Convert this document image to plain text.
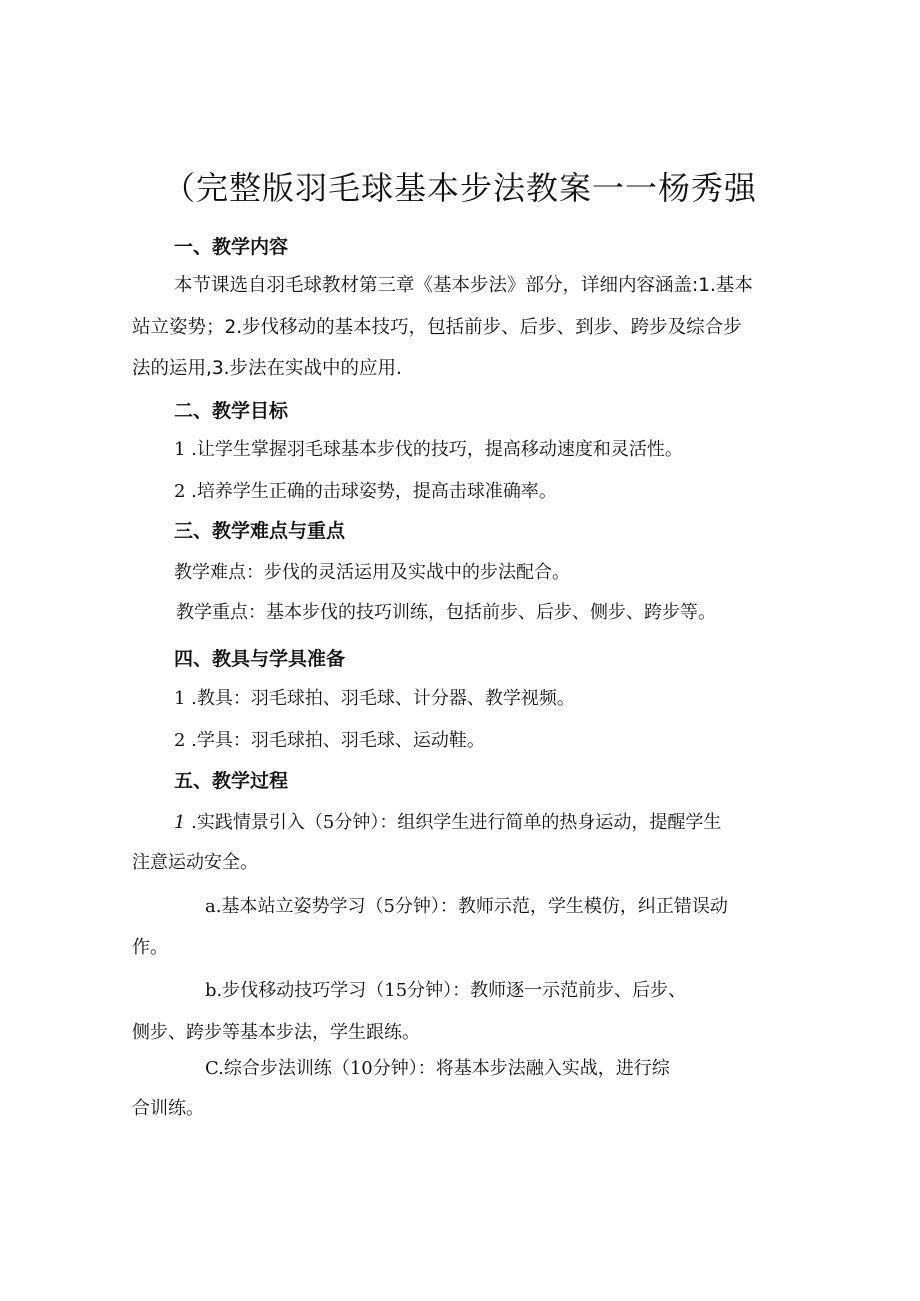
（完整版羽毛球基本步法教案一一杨秀强
一、教学内容
本节课选自羽毛球教材第三章《基本步法》部分，详细内容涵盖:1.基本
站立姿势；2.步伐移动的基本技巧，包括前步、后步、到步、跨步及综合步
法的运用,3.步法在实战中的应用.
二、教学目标
1 .让学生掌握羽毛球基本步伐的技巧，提高移动速度和灵活性。
2 .培养学生正确的击球姿势，提高击球准确率。
三、教学难点与重点
教学难点：步伐的灵活运用及实战中的步法配合。
教学重点：基本步伐的技巧训练，包括前步、后步、侧步、跨步等。
四、教具与学具准备
1 .教具：羽毛球拍、羽毛球、计分器、教学视频。
2 .学具：羽毛球拍、羽毛球、运动鞋。
五、教学过程
1 .实践情景引入（5分钟）：组织学生进行简单的热身运动，提醒学生
注意运动安全。
a.基本站立姿势学习（5分钟）：教师示范，学生模仿，纠正错误动
作。
b.步伐移动技巧学习（15分钟）：教师逐一示范前步、后步、
侧步、跨步等基本步法，学生跟练。
C.综合步法训练（10分钟）：将基本步法融入实战，进行综
合训练。
